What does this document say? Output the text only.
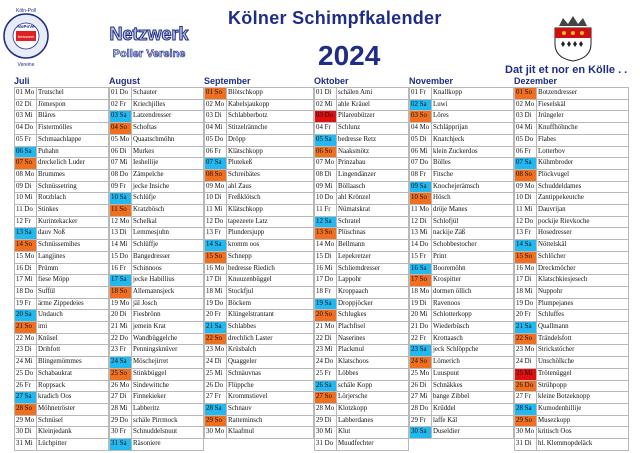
Köln-Poll
NoPoVe
Netzwerk
Vereine
Netzwerk
Poller Vereine
Kölner Schimpfkalender
2024	Dat jit et nor en Kölle . .
Juli
01 Mo	Trutschel
02 Di	Jömespon
03 Mi	Blåres
04 Do	Fistermölles
05 Fr	Schmaachlappe
06 Sa	Puhahn
07 So	dreckelich Luder
08 Mo	Brummes
09 Di	Schnüssetring
10 Mi	Rotzblach
11 Do	Stinkes
12 Fr	Kurintekacker
13 Sa	dauv Noß
14 So	Schnüssemihes
15 Mo	Langjines
16 Di	Prümm
17 Mi	fiese Möpp
18 Do	Suffül
19 Fr	ärme Zippedeies
20 Sa	Undauch
21 So	imi
22 Mo	Knüsel
23 Di	Drihfott
24 Mi	Blingemömmes
25 Do	Schabaukrat
26 Fr	Roppsack
27 Sa	kradich Oos
28 So	Möhnetröster
29 Mo	Schnüsel
30 Di	Kleinjedank
31 Mi	Lüchpitter
August
01 Do	Schauter
02 Fr	Kriechjilles
03 Sa	Latzendresser
04 So	Schoftas
05 Mo	Quaatschmöhn
06 Di	Murkes
07 Mi	Ieshellije
08 Do	Zämpelche
09 Fr	jecke Insiche
10 Sa	Schlüfje
11 So	Kratzbösch
12 Mo	Schelkal
13 Di	Lemmesjuhn
14 Mi	Schlüffje
15 Do	Bangedresser
16 Fr	Schinnoos
17 Sa	jecke Habillius
18 So	Allemannsjeck
19 Mo	jäl Josch
20 Di	Fiesbrönn
21 Mi	jemein Krat
22 Do	Wandbüggelche
23 Fr	Penningsknüver
24 Sa	Möschejirret
25 So	Stinkbüggel
26 Mo	Sindewittche
27 Di	Finnekieker
28 Mi	Labberitz
29 Do	schäle Pirrmock
30 Fr	Schnuddelsnuut
31 Sa	Räsoniere
September
01 So	Blötschkopp
02 Mo	Kabelsjaukopp
03 Di	Schlabberbotz
04 Mi	Stitzelrännche
05 Do	Dröpp
06 Fr	Klätschkopp
07 Sa	Plutekeß
08 So	Schreibätes
09 Mo	ahl Zaus
10 Di	Freßklötsch
11 Mi	Klätschkopp
12 Do	tapezeete Latz
13 Fr	Plundersjupp
14 Sa	kromm oos
15 So	Schnepp
16 Mo	bedresse Riedich
17 Di	Knuuzenbüggel
18 Mi	Stockfjul
19 Do	Böckem
20 Fr	Klüngelstrantant
21 Sa	Schlabbes
22 So	drechlich Laster
23 Mo	Krüsbalch
24 Di	Quaggeler
25 Mi	Schnäuvnas
26 Do	Flüppche
27 Fr	Krommstievel
28 Sa	Schnauv
29 So	Ratteminsch
30 Mo	Klaafmul
Oktober
01 Di	schälen Ami
02 Mi	ahle Kräuel
03 Do	Pilarenbützer
04 Fr	Schlunz
05 Sa	bedresse Retz
06 So	Naaksmötz
07 Mo	Prinzabau
08 Di	Lingendänzer
09 Mi	Böllaasch
10 Do	ahl Krönzel
11 Fr	Nümatskrat
12 Sa	Schratel
13 So	Plüschnas
14 Mo	Bellmann
15 Di	Lepekretzer
16 Mi	Schliemdresser
17 Do	Lappohr
18 Fr	Kroppaach
19 Sa	Droppjöcker
20 So	Schlugkes
21 Mo	Plachfisel
22 Di	Naserines
23 Mi	Plackmul
24 Do	Klatschoos
25 Fr	Löbbes
26 Sa	schäle Kopp
27 So	Lörjersche
28 Mo	Klotzkopp
29 Di	Labberdanes
30 Mi	Klut
31 Do	Muudfechter
November
01 Fr	Knallkopp
02 Sa	Luwi
03 So	Löres
04 Mo	Schläpprijan
05 Di	Knatchjeck
06 Mi	klein Zuckerdos
07 Do	Bölles
08 Fr	Fitsche
09 Sa	Knochejerämsch
10 So	Hösch
11 Mo	drüje Manes
12 Di	Schlofjül
13 Mi	nackije Zäß
14 Do	Schobbestocher
15 Fr	Print
16 Sa	Booremöhn
17 So	Krospitter
18 Mo	dormen öllich
19 Di	Ravenoos
20 Mi	Schlotterkopp
21 Do	Wiederbüsch
22 Fr	Krottaasch
23 Sa	jeck Schlöppche
24 So	Lömerich
25 Mo	Luuspuut
26 Di	Schnäkkes
27 Mi	bange Zibbel
28 Do	Krüddel
29 Fr	laffe Käl
30 Sa	Duseldier
Dezember
01 So	Botzendresser
02 Mo	Fieselskäl
03 Di	Jrüngeler
04 Mi	Knuffhöhnche
05 Do	Flabes
06 Fr	Lotterbov
07 Sa	Kühmbroder
08 So	Plöckvugel
09 Mo	Schuddeldames
10 Di	Zantippekeutche
11 Mi	Dauvrijan
12 Do	pockije Rievkoche
13 Fr	Hosedresser
14 Sa	Nöttelskäl
15 So	Schlöcher
16 Mo	Dreckmöcher
17 Di	Klatschkiesjesech
18 Mi	Nuppohr
19 Do	Plumpejanes
20 Fr	Schluffes
21 Sa	Quallmann
22 So	Trändelsfott
23 Mo	Strickstöcher
24 Di	Unschölkche
25 Mi	Trötenüggel
26 Do	Strühpopp
27 Fr	kleine Botzeknopp
28 Sa	Kumodenhillije
29 So	Musezkopp
30 Mo	kritisch Oos
31 Di	hl. Klemmopdeläck
